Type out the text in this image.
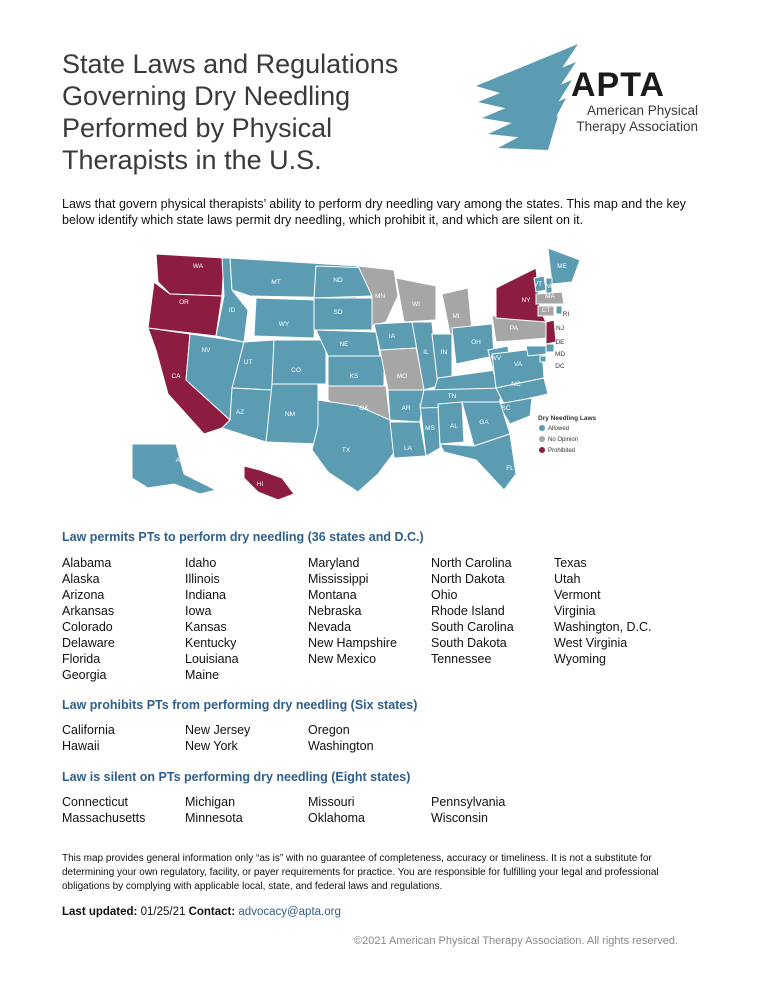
State Laws and Regulations Governing Dry Needling Performed by Physical Therapists in the U.S.
APTA
American Physical Therapy Association

Laws that govern physical therapists’ ability to perform dry needling vary among the states. This map and the key below identify which state laws permit dry needling, which prohibit it, and which are silent on it.

WA
OR
CA
ID
MT
WY
NV
UT
AZ
CO
NM
ND
SD
NE
KS
OK
TX
MN
IA
MO
AR
LA
WI
IL
MS
MI
IN
KY
TN
AL
OH
WV
VA
NC
SC
GA
FL
PA
NY
ME
VT NH
MA
CT
RI
NJ
DE
MD
DC
AK
HI
Dry Needling Laws
Allowed
No Opinion
Prohibited
Law permits PTs to perform dry needling (36 states and D.C.)
Alabama
Alaska
Arizona
Arkansas
Colorado
Delaware
Florida
Georgia
Idaho
Illinois
Indiana
Iowa
Kansas
Kentucky
Louisiana
Maine
Maryland
Mississippi
Montana
Nebraska
Nevada
New Hampshire
New Mexico
North Carolina
North Dakota
Ohio
Rhode Island
South Carolina
South Dakota
Tennessee
Texas
Utah
Vermont
Virginia
Washington, D.C.
West Virginia
Wyoming
Law prohibits PTs from performing dry needling (Six states)
California
Hawaii
New Jersey
New York
Oregon
Washington
Law is silent on PTs performing dry needling (Eight states)
Connecticut
Massachusetts
Michigan
Minnesota
Missouri
Oklahoma
Pennsylvania
Wisconsin

This map provides general information only “as is” with no guarantee of completeness, accuracy or timeliness. It is not a substitute for determining your own regulatory, facility, or payer requirements for practice. You are responsible for fulfilling your legal and professional obligations by complying with applicable local, state, and federal laws and regulations.

Last updated: 01/25/21 Contact: advocacy@apta.org
©2021 American Physical Therapy Association. All rights reserved.
